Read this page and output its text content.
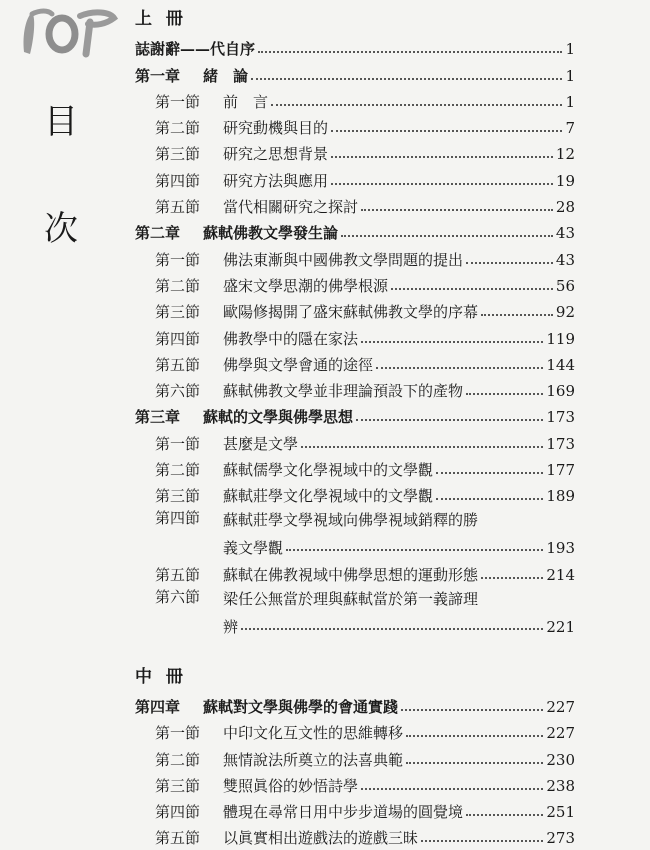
目
次
上 冊
誌謝辭——代自序	1
第一章	緒　論	1
第一節	前　言	1
第二節	研究動機與目的	7
第三節	研究之思想背景	12
第四節	研究方法與應用	19
第五節	當代相關研究之探討	28
第二章	蘇軾佛教文學發生論	43
第一節	佛法東漸與中國佛教文學問題的提出	43
第二節	盛宋文學思潮的佛學根源	56
第三節	歐陽修揭開了盛宋蘇軾佛教文學的序幕	92
第四節	佛教學中的隱在家法	119
第五節	佛學與文學會通的途徑	144
第六節	蘇軾佛教文學並非理論預設下的產物	169
第三章	蘇軾的文學與佛學思想	173
第一節	甚麼是文學	173
第二節	蘇軾儒學文化學視域中的文學觀	177
第三節	蘇軾莊學文化學視域中的文學觀	189
第四節	蘇軾莊學文學視域向佛學視域銷釋的勝
義文學觀	193
第五節	蘇軾在佛教視域中佛學思想的運動形態	214
第六節	梁任公無當於理與蘇軾當於第一義諦理
辨	221
中 冊
第四章	蘇軾對文學與佛學的會通實踐	227
第一節	中印文化互文性的思維轉移	227
第二節	無情說法所奠立的法喜典範	230
第三節	雙照眞俗的妙悟詩學	238
第四節	體現在尋常日用中步步道場的圓覺境	251
第五節	以眞實相出遊戲法的遊戲三昧	273
